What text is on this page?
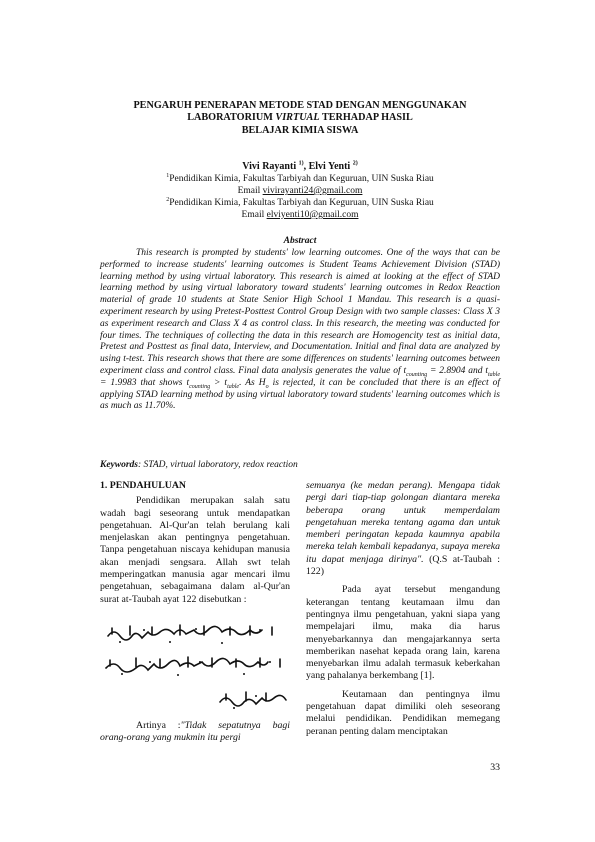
PENGARUH PENERAPAN METODE STAD DENGAN MENGGUNAKAN
LABORATORIUM VIRTUAL TERHADAP HASIL
BELAJAR KIMIA SISWA
Vivi Rayanti $^{1)}$, Elvi Yenti $^{2)}$
$^1$Pendidikan Kimia, Fakultas Tarbiyah dan Keguruan, UIN Suska Riau
Email vivirayanti24@gmail.com
$^2$Pendidikan Kimia, Fakultas Tarbiyah dan Keguruan, UIN Suska Riau
Email elviyenti10@gmail.com
Abstract
This research is prompted by students' low learning outcomes. One of the ways that can be performed to increase students' learning outcomes is Student Teams Achievement Division (STAD) learning method by using virtual laboratory. This research is aimed at looking at the effect of STAD learning method by using virtual laboratory toward students' learning outcomes in Redox Reaction material of grade 10 students at State Senior High School 1 Mandau. This research is a quasi-experiment research by using Pretest-Posttest Control Group Design with two sample classes: Class X 3 as experiment research and Class X 4 as control class. In this research, the meeting was conducted for four times. The techniques of collecting the data in this research are Homogencity test as initial data, Pretest and Posttest as final data, Interview, and Documentation. Initial and final data are analyzed by using t-test. This research shows that there are some differences on students' learning outcomes between experiment class and control class. Final data analysis generates the value of $t_{counting} = 2.8904$ and $t_{table} = 1.9983$ that shows $t_{counting} > t_{table}$. As $H_o$ is rejected, it can be concluded that there is an effect of applying STAD learning method by using virtual laboratory toward students' learning outcomes which is as much as 11.70%.
Keywords: STAD, virtual laboratory, redox reaction
1. PENDAHULUAN

Pendidikan merupakan salah satu wadah bagi seseorang untuk mendapatkan pengetahuan. Al-Qur'an telah berulang kali menjelaskan akan pentingnya pengetahuan. Tanpa pengetahuan niscaya kehidupan manusia akan menjadi sengsara. Allah swt telah memperingatkan manusia agar mencari ilmu pengetahuan, sebagaimana dalam al-Qur'an surat at-Taubah ayat 122 disebutkan :

Artinya :"Tidak sepatutnya bagi orang-orang yang mukmin itu pergi

semuanya (ke medan perang). Mengapa tidak pergi dari tiap-tiap golongan diantara mereka beberapa orang untuk memperdalam pengetahuan mereka tentang agama dan untuk memberi peringatan kepada kaumnya apabila mereka telah kembali kepadanya, supaya mereka itu dapat menjaga dirinya". (Q.S at-Taubah : 122)

Pada ayat tersebut mengandung keterangan tentang keutamaan ilmu dan pentingnya ilmu pengetahuan, yakni siapa yang mempelajari ilmu, maka dia harus menyebarkannya dan mengajarkannya serta memberikan nasehat kepada orang lain, karena menyebarkan ilmu adalah termasuk keberkahan yang pahalanya berkembang [1].

Keutamaan dan pentingnya ilmu pengetahuan dapat dimiliki oleh seseorang melalui pendidikan. Pendidikan memegang peranan penting dalam menciptakan

33
